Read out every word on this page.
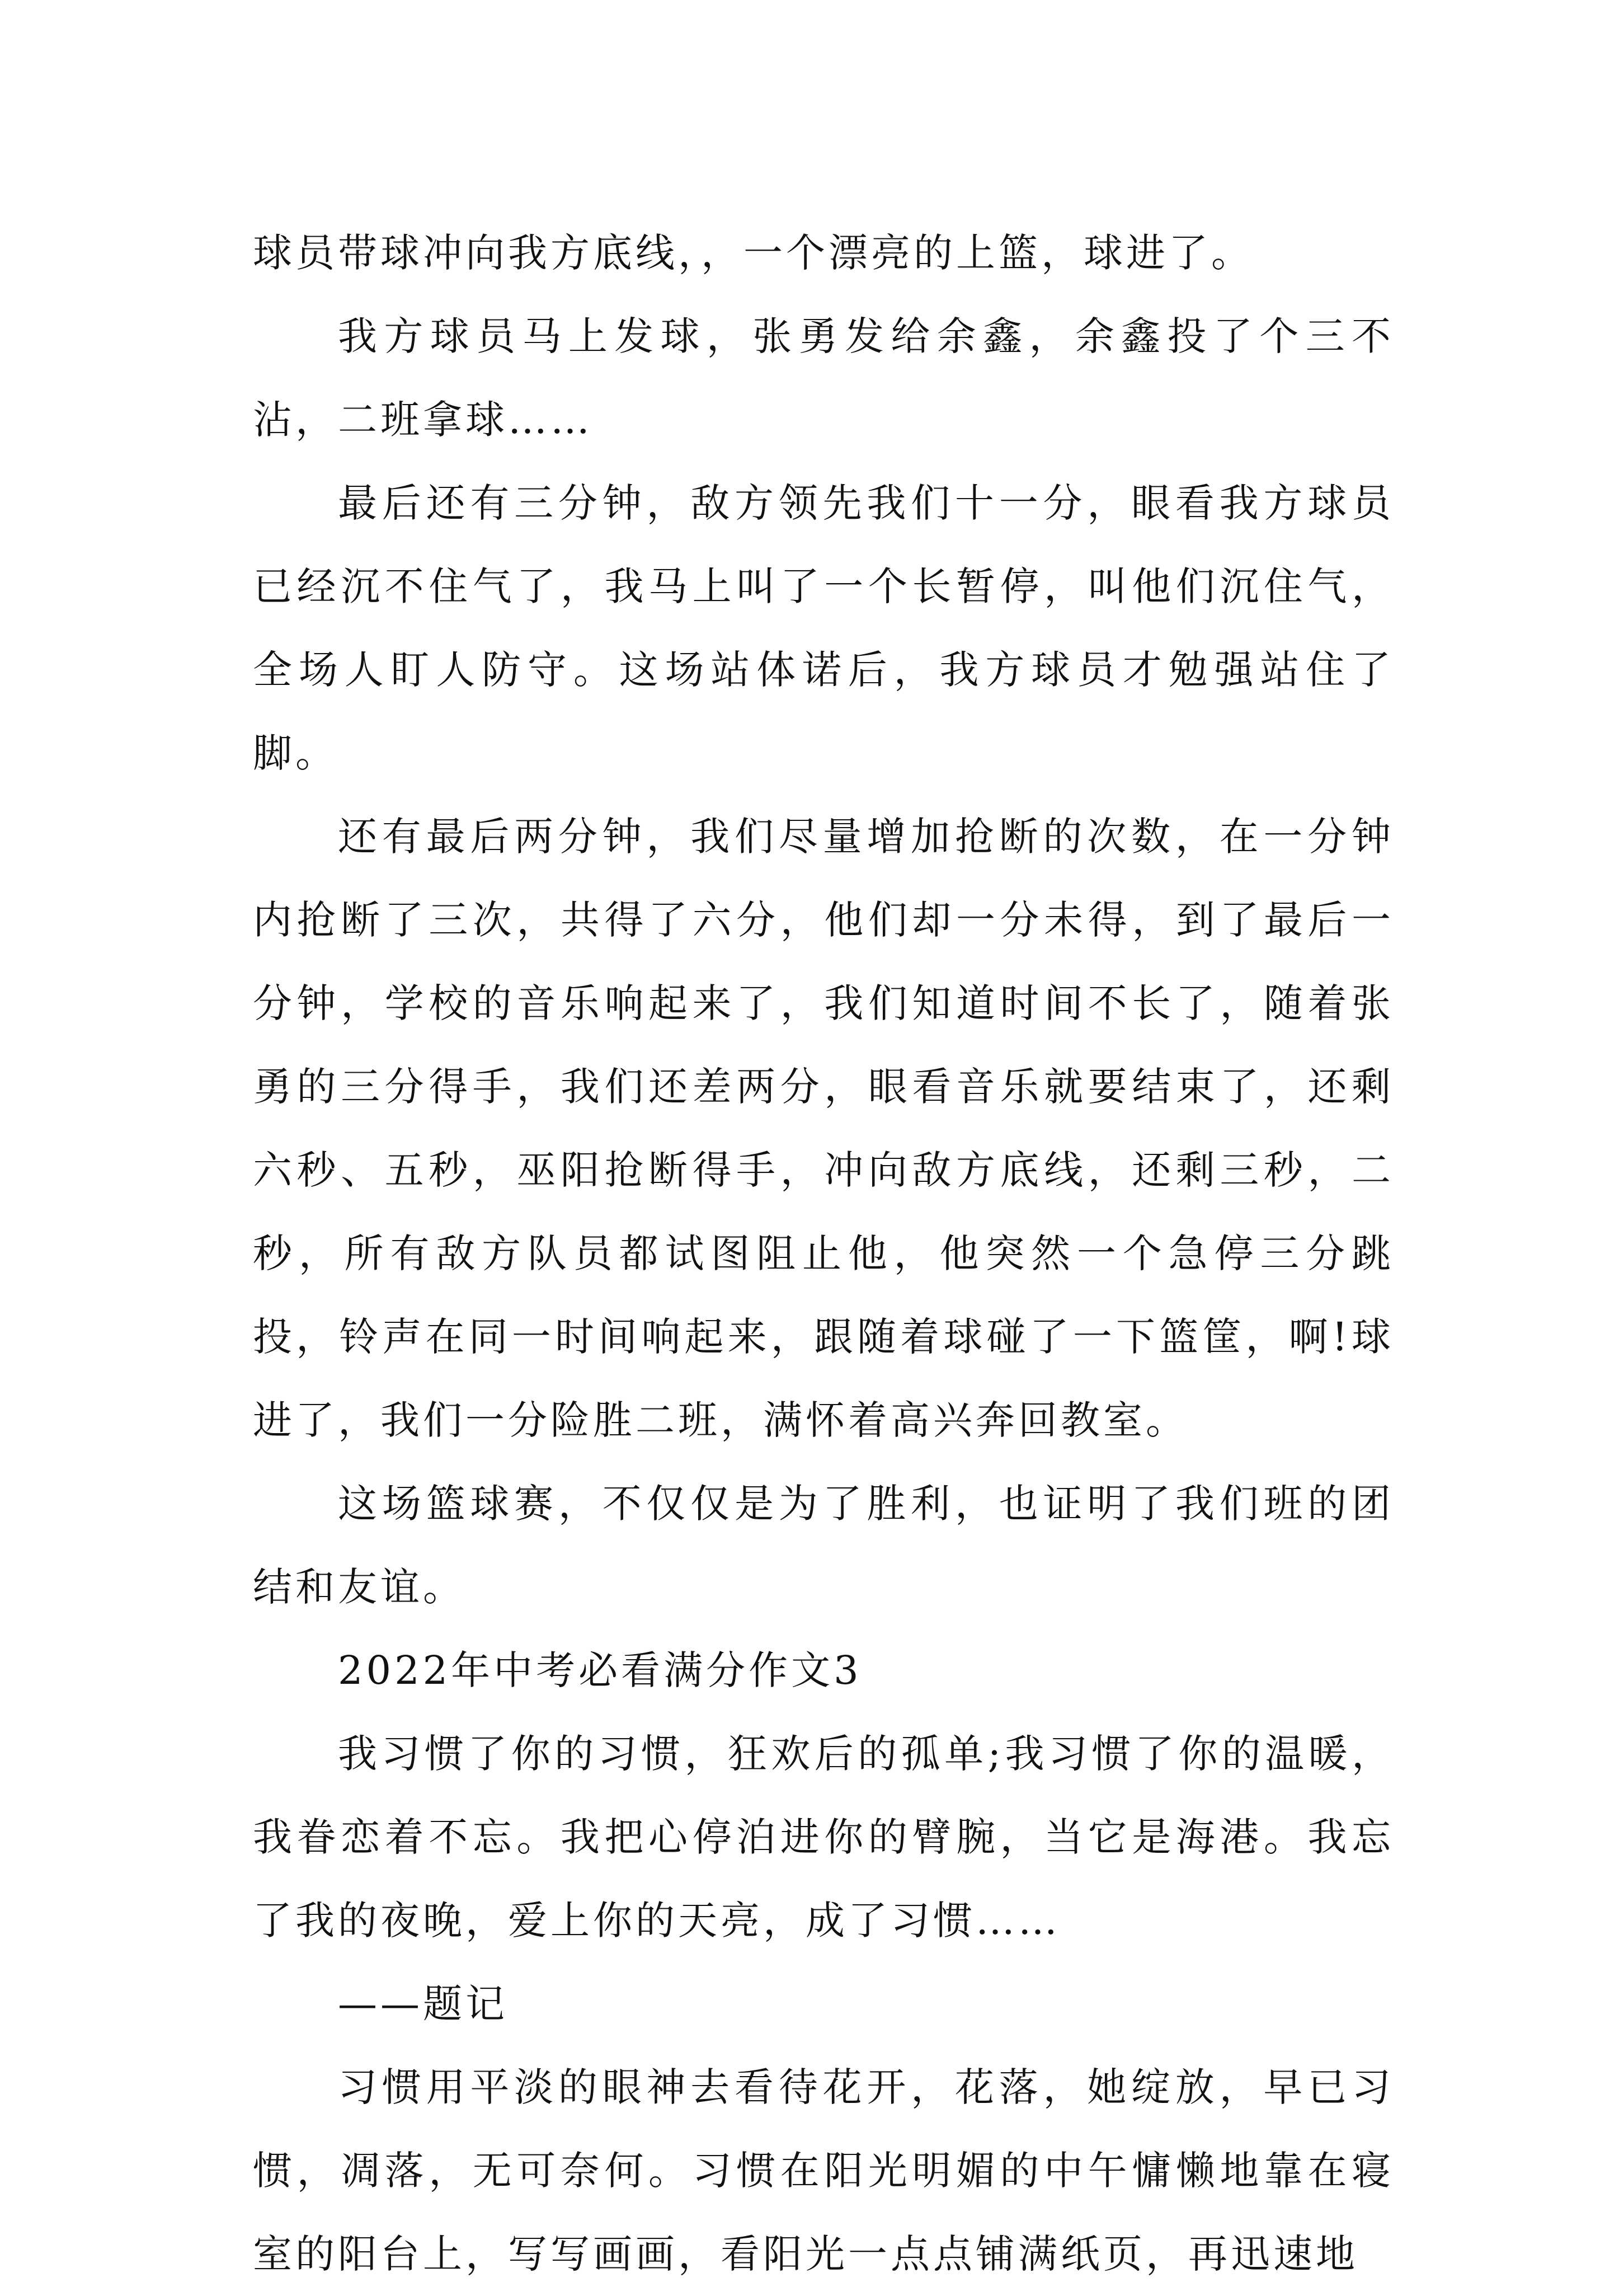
球员带球冲向我方底线，，一个漂亮的上篮，球进了。

我方球员马上发球，张勇发给余鑫，余鑫投了个三不沾，二班拿球……

最后还有三分钟，敌方领先我们十一分，眼看我方球员已经沉不住气了，我马上叫了一个长暂停，叫他们沉住气，全场人盯人防守。这场站体诺后，我方球员才勉强站住了脚。

还有最后两分钟，我们尽量增加抢断的次数，在一分钟内抢断了三次，共得了六分，他们却一分未得，到了最后一分钟，学校的音乐响起来了，我们知道时间不长了，随着张勇的三分得手，我们还差两分，眼看音乐就要结束了，还剩六秒、五秒，巫阳抢断得手，冲向敌方底线，还剩三秒，二秒，所有敌方队员都试图阻止他，他突然一个急停三分跳投，铃声在同一时间响起来，跟随着球碰了一下篮筐，啊!球进了，我们一分险胜二班，满怀着高兴奔回教室。

这场篮球赛，不仅仅是为了胜利，也证明了我们班的团结和友谊。

2022年中考必看满分作文3

我习惯了你的习惯，狂欢后的孤单;我习惯了你的温暖，我眷恋着不忘。我把心停泊进你的臂腕，当它是海港。我忘了我的夜晚，爱上你的天亮，成了习惯……

——题记

习惯用平淡的眼神去看待花开，花落，她绽放，早已习惯，凋落，无可奈何。习惯在阳光明媚的中午慵懒地靠在寝室的阳台上，写写画画，看阳光一点点铺满纸页，再迅速地
